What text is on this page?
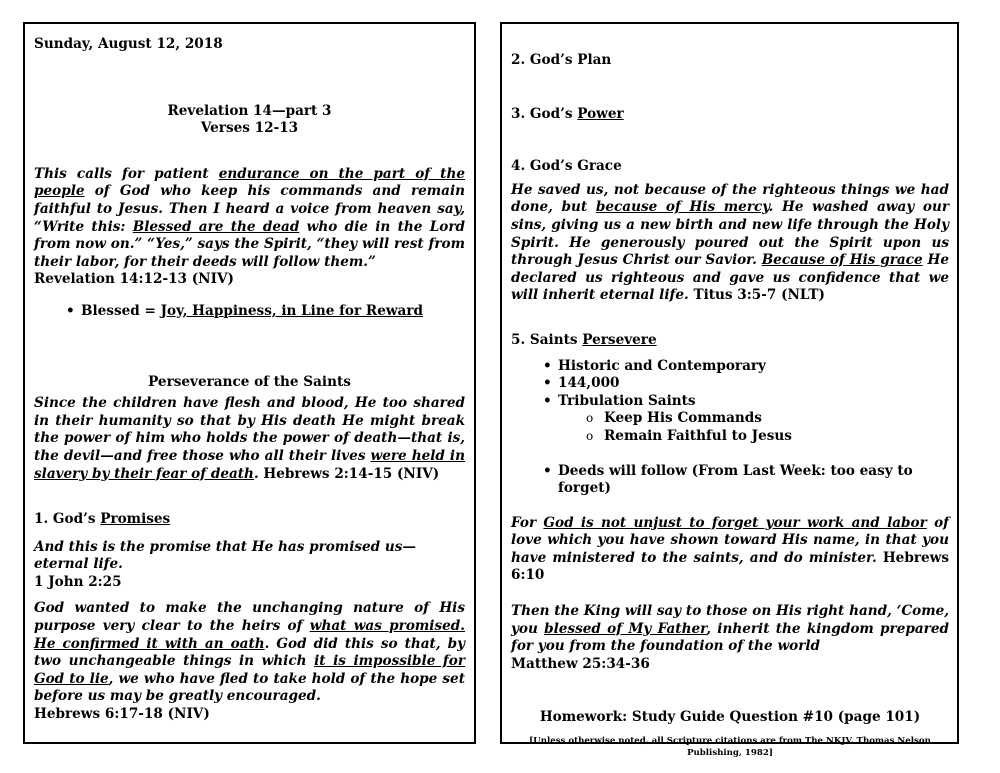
Sunday, August 12, 2018

Revelation 14—part 3

Verses 12-13

This calls for patient endurance on the part of the people of God who keep his commands and remain faithful to Jesus. Then I heard a voice from heaven say, “Write this: Blessed are the dead who die in the Lord from now on.” “Yes,” says the Spirit, “they will rest from their labor, for their deeds will follow them.”
Revelation 14:12-13 (NIV)

• Blessed = Joy, Happiness, in Line for Reward

Perseverance of the Saints

Since the children have flesh and blood, He too shared in their humanity so that by His death He might break the power of him who holds the power of death—that is, the devil—and free those who all their lives were held in slavery by their fear of death. Hebrews 2:14-15 (NIV)

1. God’s Promises

And this is the promise that He has promised us—eternal life.
1 John 2:25

God wanted to make the unchanging nature of His purpose very clear to the heirs of what was promised. He confirmed it with an oath. God did this so that, by two unchangeable things in which it is impossible for God to lie, we who have fled to take hold of the hope set before us may be greatly encouraged.
Hebrews 6:17-18 (NIV)

2. God’s Plan

3. God’s Power

4. God’s Grace

He saved us, not because of the righteous things we had done, but because of His mercy. He washed away our sins, giving us a new birth and new life through the Holy Spirit. He generously poured out the Spirit upon us through Jesus Christ our Savior. Because of His grace He declared us righteous and gave us confidence that we will inherit eternal life. Titus 3:5-7 (NLT)

5. Saints Persevere

• Historic and Contemporary
• 144,000
• Tribulation Saints
o Keep His Commands
o Remain Faithful to Jesus
• Deeds will follow (From Last Week: too easy to forget)

For God is not unjust to forget your work and labor of love which you have shown toward His name, in that you have ministered to the saints, and do minister. Hebrews 6:10

Then the King will say to those on His right hand, ‘Come, you blessed of My Father, inherit the kingdom prepared for you from the foundation of the world
Matthew 25:34-36

Homework: Study Guide Question #10 (page 101)

[Unless otherwise noted, all Scripture citations are from The NKJV, Thomas Nelson Publishing, 1982]
